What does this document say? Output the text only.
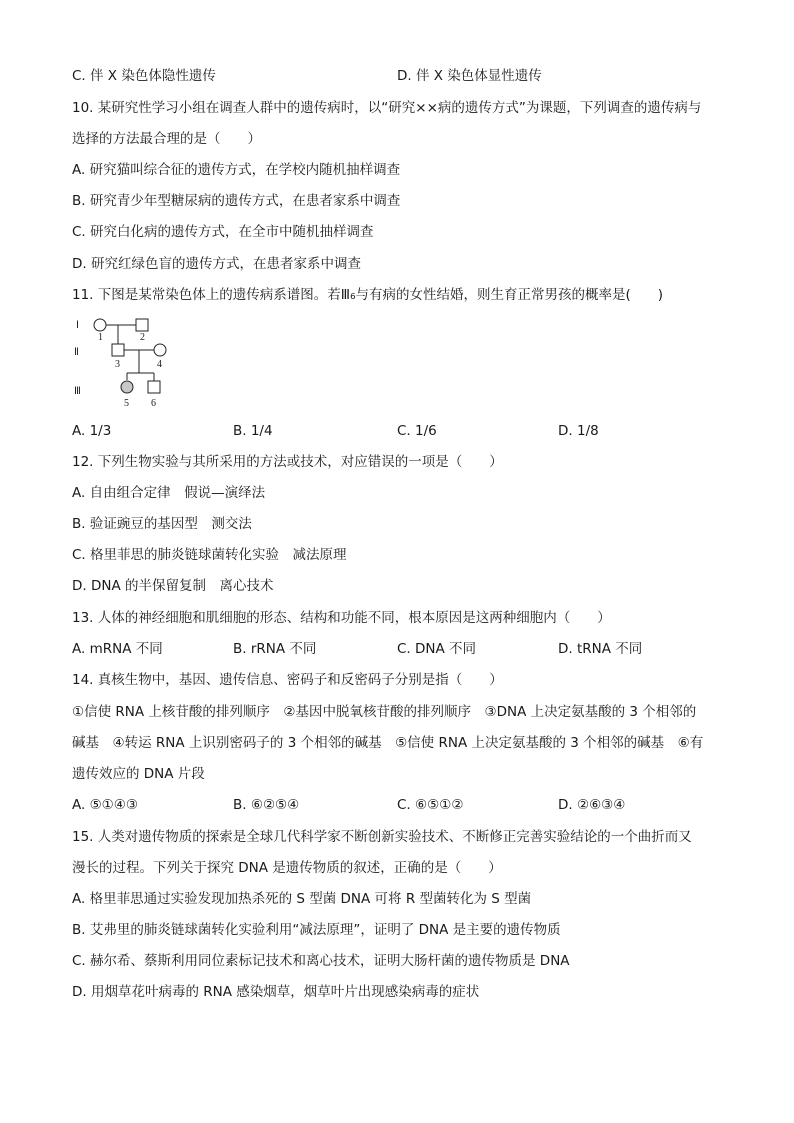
C. 伴 X 染色体隐性遗传	D. 伴 X 染色体显性遗传
10. 某研究性学习小组在调查人群中的遗传病时，以“研究××病的遗传方式”为课题，下列调查的遗传病与
选择的方法最合理的是（　　）
A. 研究猫叫综合征的遗传方式，在学校内随机抽样调查
B. 研究青少年型糖尿病的遗传方式，在患者家系中调查
C. 研究白化病的遗传方式，在全市中随机抽样调查
D. 研究红绿色盲的遗传方式，在患者家系中调查
11. 下图是某常染色体上的遗传病系谱图。若Ⅲ₆与有病的女性结婚，则生育正常男孩的概率是(　　)
Ⅰ
Ⅱ
Ⅲ
1	2
3	4
5 6
A. 1/3	B. 1/4	C. 1/6	D. 1/8
12. 下列生物实验与其所采用的方法或技术，对应错误的一项是（　　）
A. 自由组合定律　假说—演绎法
B. 验证豌豆的基因型　测交法
C. 格里菲思的肺炎链球菌转化实验　减法原理
D. DNA 的半保留复制　离心技术
13. 人体的神经细胞和肌细胞的形态、结构和功能不同，根本原因是这两种细胞内（　　）
A. mRNA 不同	B. rRNA 不同	C. DNA 不同	D. tRNA 不同
14. 真核生物中，基因、遗传信息、密码子和反密码子分别是指（　　）
①信使 RNA 上核苷酸的排列顺序　②基因中脱氧核苷酸的排列顺序　③DNA 上决定氨基酸的 3 个相邻的
碱基　④转运 RNA 上识别密码子的 3 个相邻的碱基　⑤信使 RNA 上决定氨基酸的 3 个相邻的碱基　⑥有
遗传效应的 DNA 片段
A. ⑤①④③	B. ⑥②⑤④	C. ⑥⑤①②	D. ②⑥③④
15. 人类对遗传物质的探索是全球几代科学家不断创新实验技术、不断修正完善实验结论的一个曲折而又
漫长的过程。下列关于探究 DNA 是遗传物质的叙述，正确的是（　　）
A. 格里菲思通过实验发现加热杀死的 S 型菌 DNA 可将 R 型菌转化为 S 型菌
B. 艾弗里的肺炎链球菌转化实验利用“减法原理”，证明了 DNA 是主要的遗传物质
C. 赫尔希、蔡斯利用同位素标记技术和离心技术，证明大肠杆菌的遗传物质是 DNA
D. 用烟草花叶病毒的 RNA 感染烟草，烟草叶片出现感染病毒的症状
